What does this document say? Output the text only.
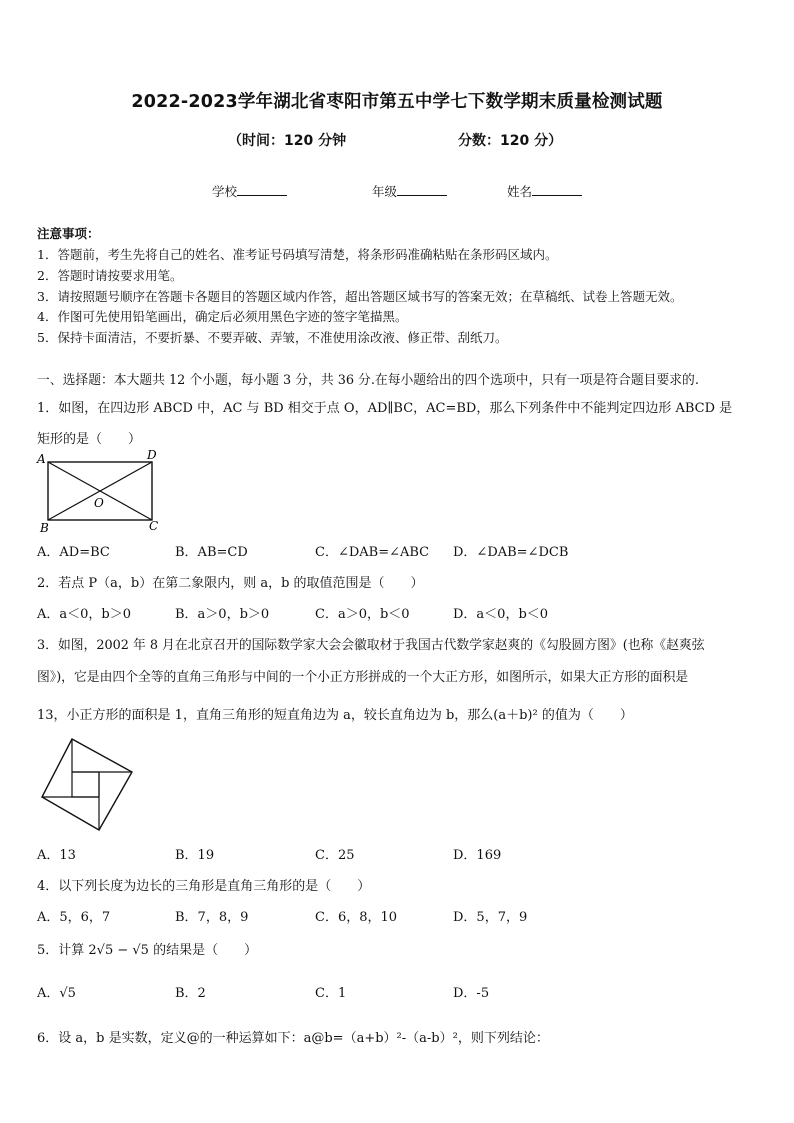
2022-2023学年湖北省枣阳市第五中学七下数学期末质量检测试题
（时间：120 分钟	分数：120 分）
学校	年级	姓名
注意事项：
1．答题前，考生先将自己的姓名、准考证号码填写清楚，将条形码准确粘贴在条形码区域内。
2．答题时请按要求用笔。
3．请按照题号顺序在答题卡各题目的答题区域内作答，超出答题区域书写的答案无效；在草稿纸、试卷上答题无效。
4．作图可先使用铅笔画出，确定后必须用黑色字迹的签字笔描黑。
5．保持卡面清洁，不要折暴、不要弄破、弄皱，不准使用涂改液、修正带、刮纸刀。
一、选择题：本大题共 12 个小题，每小题 3 分，共 36 分.在每小题给出的四个选项中，只有一项是符合题目要求的.
1．如图，在四边形 ABCD 中，AC 与 BD 相交于点 O，AD∥BC，AC=BD，那么下列条件中不能判定四边形 ABCD 是
矩形的是（　　）
A	D
B	C
O
A．AD=BC	B．AB=CD	C．∠DAB=∠ABC D．∠DAB=∠DCB
2．若点 P（a，b）在第二象限内，则 a，b 的取值范围是（　　）
A．a＜0，b＞0	B．a＞0，b＞0	C．a＞0，b＜0	D．a＜0，b＜0
3．如图，2002 年 8 月在北京召开的国际数学家大会会徽取材于我国古代数学家赵爽的《勾股圆方图》(也称《赵爽弦
图》)，它是由四个全等的直角三角形与中间的一个小正方形拼成的一个大正方形，如图所示，如果大正方形的面积是
13，小正方形的面积是 1，直角三角形的短直角边为 a，较长直角边为 b，那么(a＋b)² 的值为（　　）
A．13	B．19	C．25	D．169
4．以下列长度为边长的三角形是直角三角形的是（　　）
A．5，6，7	B．7，8，9	C．6，8，10	D．5，7，9
5．计算 2√5 − √5 的结果是（　　）
A．√5	B．2	C．1	D．-5
6．设 a，b 是实数，定义@的一种运算如下：a@b=（a+b）²-（a-b）²，则下列结论：
